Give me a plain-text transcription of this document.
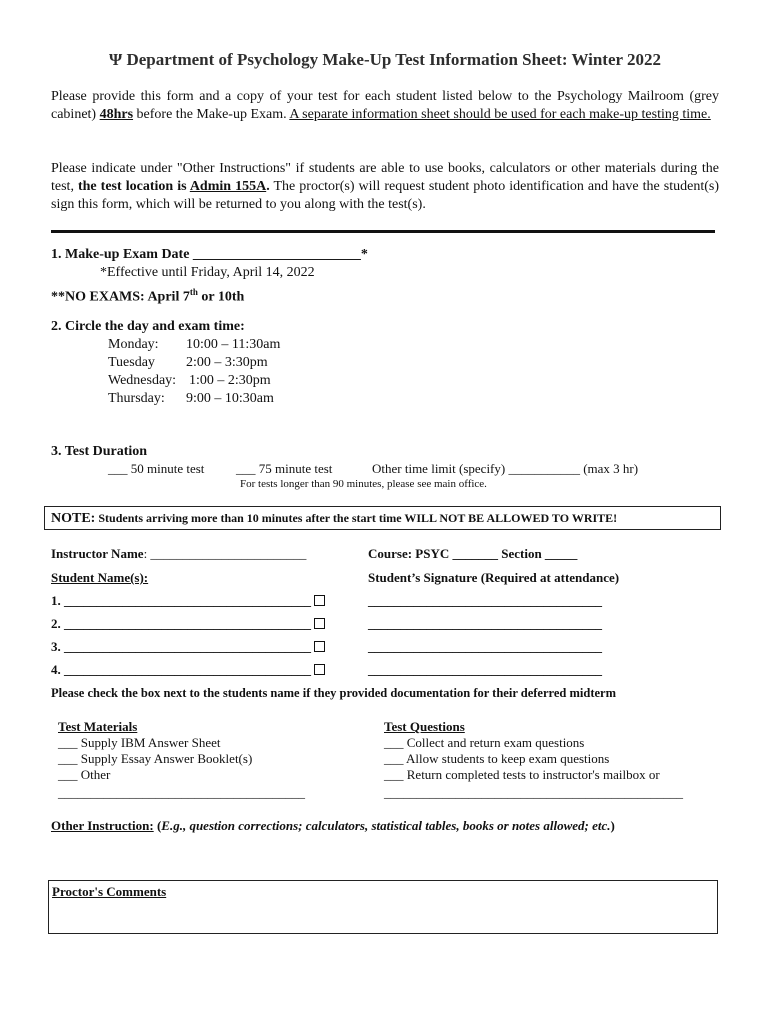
Ψ Department of Psychology Make-Up Test Information Sheet: Winter 2022
Please provide this form and a copy of your test for each student listed below to the Psychology Mailroom (grey cabinet) 48hrs before the Make-up Exam. A separate information sheet should be used for each make-up testing time.
Please indicate under "Other Instructions" if students are able to use books, calculators or other materials during the test, the test location is Admin 155A. The proctor(s) will request student photo identification and have the student(s) sign this form, which will be returned to you along with the test(s).
1. Make-up Exam Date ________________________*
*Effective until Friday, April 14, 2022
**NO EXAMS: April 7th or 10th
2. Circle the day and exam time:
Monday: 10:00 – 11:30am
Tuesday 2:00 – 3:30pm
Wednesday: 1:00 – 2:30pm
Thursday: 9:00 – 10:30am
3. Test Duration
___ 50 minute test ___ 75 minute test	Other time limit (specify) ___________ (max 3 hr)
For tests longer than 90 minutes, please see main office.
NOTE: Students arriving more than 10 minutes after the start time WILL NOT BE ALLOWED TO WRITE!
Instructor Name: ________________________	Course: PSYC _______ Section _____
Student Name(s):	Student’s Signature (Required at attendance)
1. ______________________________________	____________________________________
2. ______________________________________	____________________________________
3. ______________________________________	____________________________________
4. ______________________________________	____________________________________
Please check the box next to the students name if they provided documentation for their deferred midterm
Test Materials
___ Supply IBM Answer Sheet
___ Supply Essay Answer Booklet(s)
___ Other
______________________________________
Test Questions
___ Collect and return exam questions
___ Allow students to keep exam questions
___ Return completed tests to instructor's mailbox or
______________________________________________
Other Instruction: (E.g., question corrections; calculators, statistical tables, books or notes allowed; etc.)
Proctor's Comments
